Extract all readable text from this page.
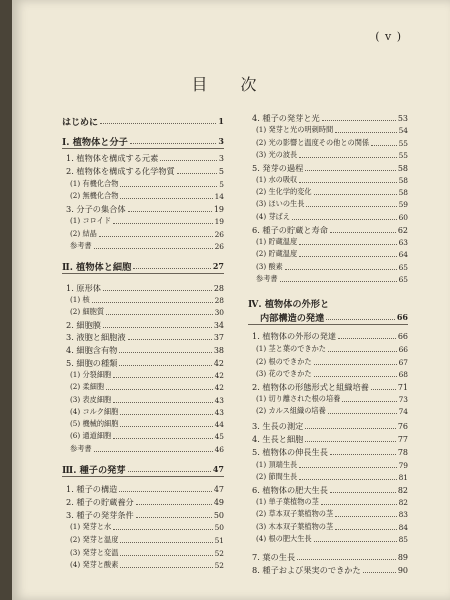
( v )
目 次
はじめに	1
Ⅰ. 植物体と分子	3
1. 植物体を構成する元素	3
2. 植物体を構成する化学物質	5
(1) 有機化合物	5
(2) 無機化合物	14
3. 分子の集合体	19
(1) コロイド	19
(2) 結晶	26
参考書	26
Ⅱ. 植物体と細胞	27
1. 原形体	28
(1) 核	28
(2) 細胞質	30
2. 細胞膜	34
3. 液胞と細胞液	37
4. 細胞含有物	38
5. 細胞の種類	42
(1) 分裂細胞	42
(2) 柔細胞	42
(3) 表皮細胞	43
(4) コルク細胞	43
(5) 機械的細胞	44
(6) 通道細胞	45
参考書	46
Ⅲ. 種子の発芽	47
1. 種子の構造	47
2. 種子の貯蔵養分	49
3. 種子の発芽条件	50
(1) 発芽と水	50
(2) 発芽と温度	51
(3) 発芽と変温	52
(4) 発芽と酸素	52
4. 種子の発芽と光	53
(1) 発芽と光の明刺時間	54
(2) 光の影響と温度その他との関係	55
(3) 光の波長	55
5. 発芽の過程	58
(1) 水の吸収	58
(2) 生化学的変化	58
(3) ほいの生長	59
(4) 芽ばえ	60
6. 種子の貯蔵と寿命	62
(1) 貯蔵温度	63
(2) 貯蔵温度	64
(3) 酸素	65
参考書	65
Ⅳ. 植物体の外形と
内部構造の発達	66
1. 植物体の外形の発達	66
(1) 茎と葉のできかた	66
(2) 根のできかた	67
(3) 花のできかた	68
2. 植物体の形態形式と組織培養	71
(1) 切り離された根の培養	73
(2) カルス組織の培養	74
3. 生長の測定	76
4. 生長と細胞	77
5. 植物体の伸長生長	78
(1) 頂端生長	79
(2) 節間生長	81
6. 植物体の肥大生長	82
(1) 単子葉植物の茎	82
(2) 草本双子葉植物の茎	83
(3) 木本双子葉植物の茎	84
(4) 根の肥大生長	85
7. 葉の生長	89
8. 種子および果実のできかた	90
